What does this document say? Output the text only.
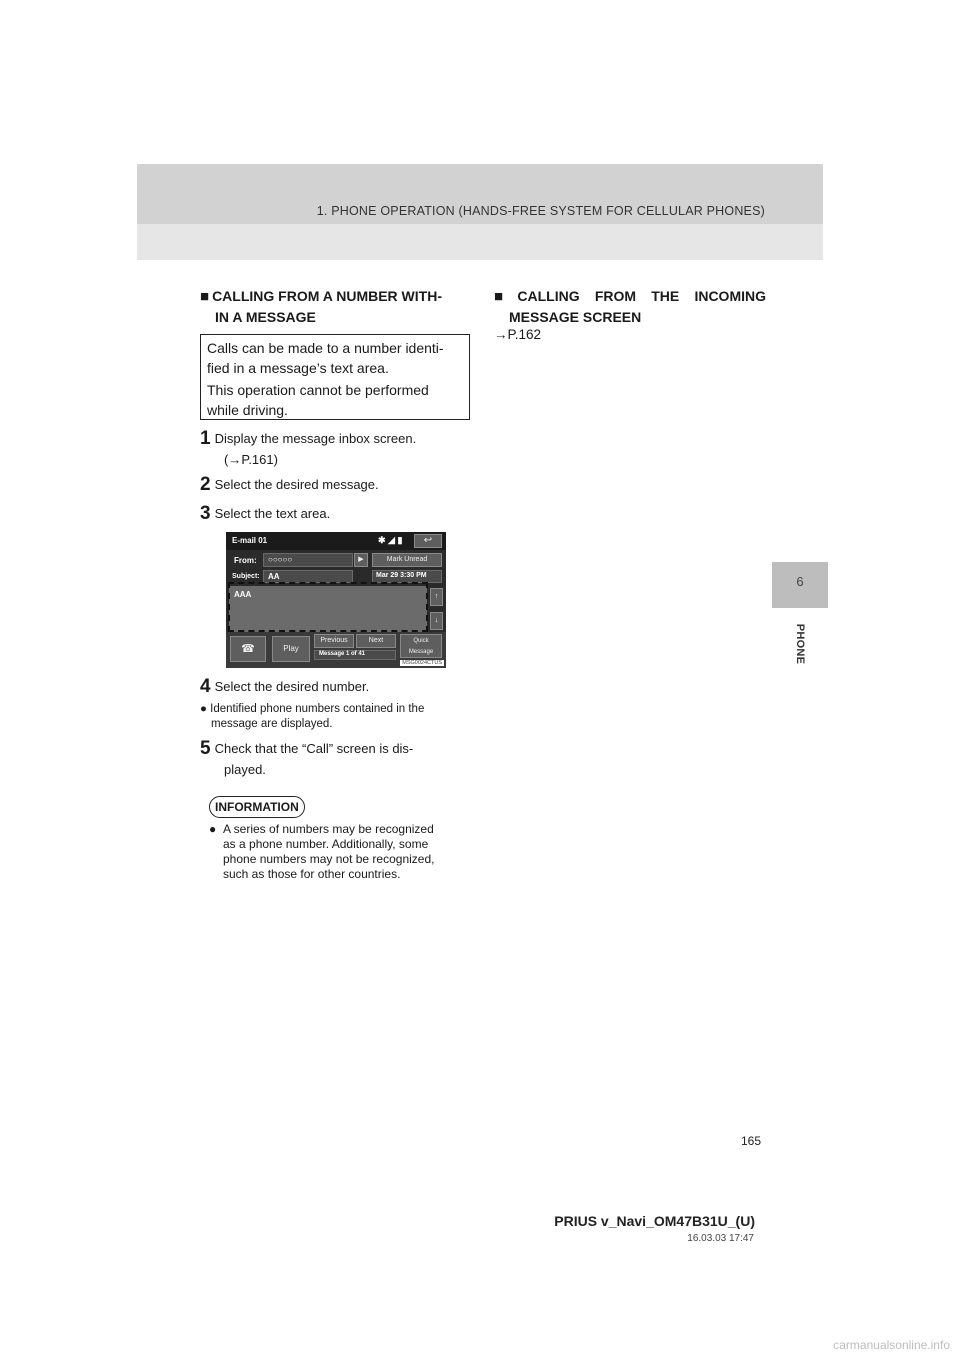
1. PHONE OPERATION (HANDS-FREE SYSTEM FOR CELLULAR PHONES)
6
PHONE
■ CALLING FROM A NUMBER WITH-
IN A MESSAGE

Calls can be made to a number identi-

fied in a message’s text area.

This operation cannot be performed

while driving.

1 Display the message inbox screen.
(→P.161)
2 Select the desired message.
3 Select the text area.
E-mail 01	✱ ◢ ▮	↩
From: ○○○○○	▶	Mark Unread
Subject: AA	Mar 29 3:30 PM
AAA	↑
↓
☎	Play
Previous	Next
Message 1 of 41
Quick Message
MSG0024CTUS
4 Select the desired number.
● Identified phone numbers contained in the
message are displayed.
5 Check that the “Call” screen is dis-
played.
INFORMATION
● A series of numbers may be recognized
as a phone number. Additionally, some
phone numbers may not be recognized,
such as those for other countries.
■ CALLING FROM THE INCOMING
MESSAGE SCREEN
→P.162
165
PRIUS v_Navi_OM47B31U_(U)
16.03.03 17:47
carmanualsonline.info
